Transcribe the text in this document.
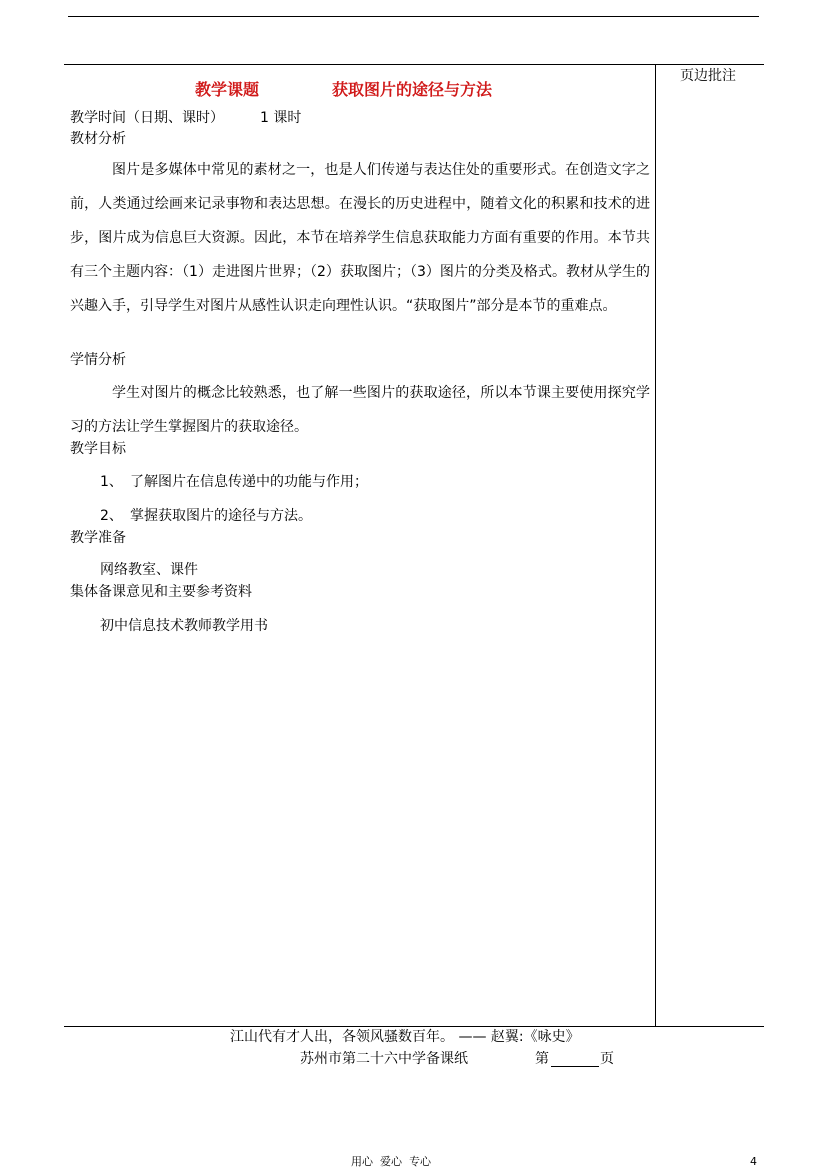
页边批注
教学课题	获取图片的途径与方法
教学时间（日期、课时）	1 课时
教材分析
图片是多媒体中常见的素材之一，也是人们传递与表达住处的重要形式。在创造文字之前，人类通过绘画来记录事物和表达思想。在漫长的历史进程中，随着文化的积累和技术的进步，图片成为信息巨大资源。因此，本节在培养学生信息获取能力方面有重要的作用。本节共有三个主题内容：（1）走进图片世界；（2）获取图片；（3）图片的分类及格式。教材从学生的兴趣入手，引导学生对图片从感性认识走向理性认识。“获取图片”部分是本节的重难点。
学情分析
学生对图片的概念比较熟悉，也了解一些图片的获取途径，所以本节课主要使用探究学习的方法让学生掌握图片的获取途径。
教学目标
1、 了解图片在信息传递中的功能与作用；
2、 掌握获取图片的途径与方法。
教学准备
网络教室、课件
集体备课意见和主要参考资料
初中信息技术教师教学用书
江山代有才人出，各领风骚数百年。 —— 赵翼:《咏史》
苏州市第二十六中学备课纸	第	页
用心  爱心  专心	4
